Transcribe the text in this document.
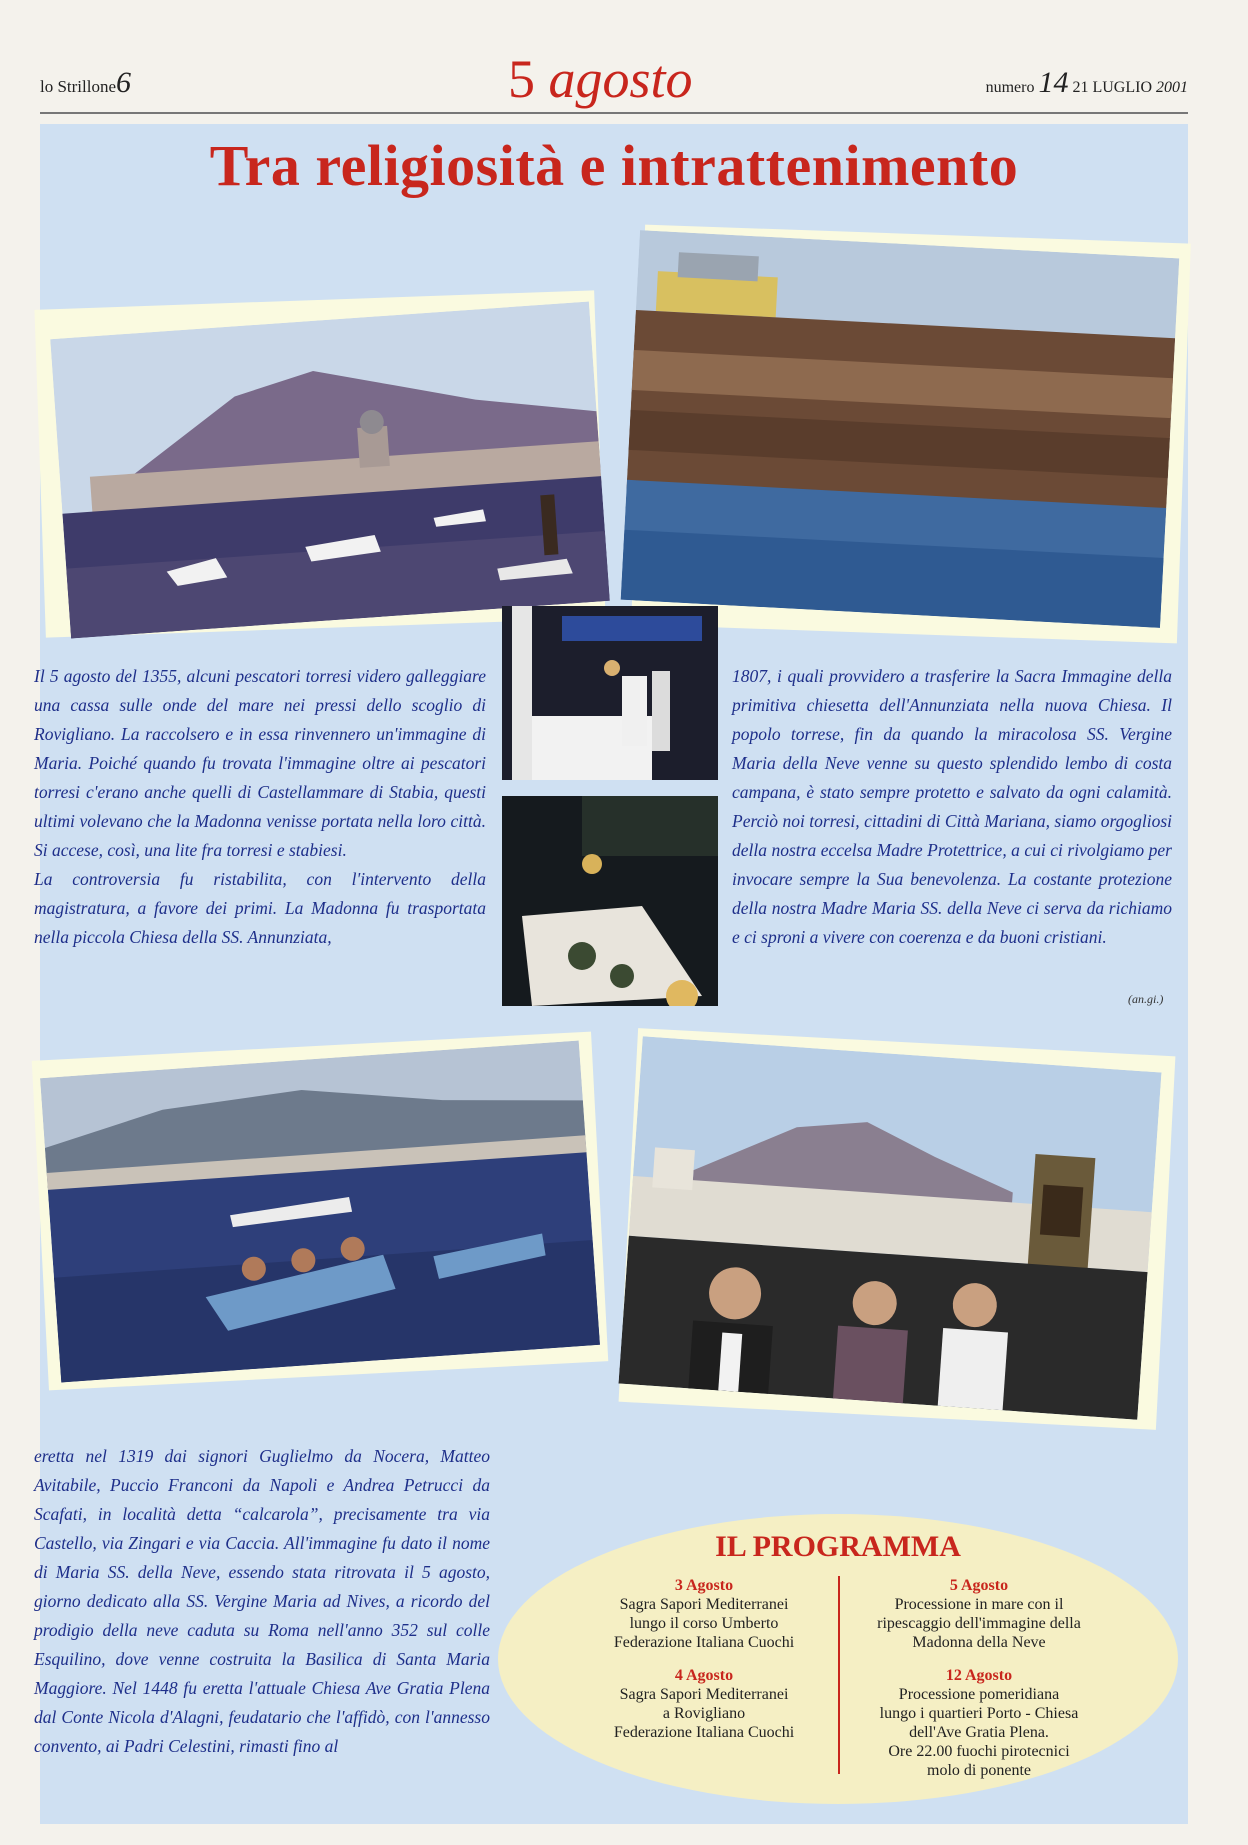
lo Strillone6	5 agosto	numero 14 21 LUGLIO 2001
Tra religiosità e intrattenimento

Il 5 agosto del 1355, alcuni pescatori torresi videro galleggiare una cassa sulle onde del mare nei pressi dello scoglio di Rovigliano. La raccolsero e in essa rinvennero un'immagine di Maria. Poiché quando fu trovata l'immagine oltre ai pescatori torresi c'erano anche quelli di Castellammare di Stabia, questi ultimi volevano che la Madonna venisse portata nella loro città. Si accese, così, una lite fra torresi e stabiesi.

La controversia fu ristabilita, con l'intervento della magistratura, a favore dei primi. La Madonna fu trasportata nella piccola Chiesa della SS. Annunziata,

1807, i quali provvidero a trasferire la Sacra Immagine della primitiva chiesetta dell'Annunziata nella nuova Chiesa. Il popolo torrese, fin da quando la miracolosa SS. Vergine Maria della Neve venne su questo splendido lembo di costa campana, è stato sempre protetto e salvato da ogni calamità. Perciò noi torresi, cittadini di Città Mariana, siamo orgogliosi della nostra eccelsa Madre Protettrice, a cui ci rivolgiamo per invocare sempre la Sua benevolenza. La costante protezione della nostra Madre Maria SS. della Neve ci serva da richiamo e ci sproni a vivere con coerenza e da buoni cristiani.

(an.gi.)

eretta nel 1319 dai signori Guglielmo da Nocera, Matteo Avitabile, Puccio Franconi da Napoli e Andrea Petrucci da Scafati, in località detta “calcarola”, precisamente tra via Castello, via Zingari e via Caccia. All'immagine fu dato il nome di Maria SS. della Neve, essendo stata ritrovata il 5 agosto, giorno dedicato alla SS. Vergine Maria ad Nives, a ricordo del prodigio della neve caduta su Roma nell'anno 352 sul colle Esquilino, dove venne costruita la Basilica di Santa Maria Maggiore. Nel 1448 fu eretta l'attuale Chiesa Ave Gratia Plena dal Conte Nicola d'Alagni, feudatario che l'affidò, con l'annesso convento, ai Padri Celestini, rimasti fino al

IL PROGRAMMA
3 Agosto
Sagra Sapori Mediterranei
lungo il corso Umberto
Federazione Italiana Cuochi
4 Agosto
Sagra Sapori Mediterranei
a Rovigliano
Federazione Italiana Cuochi
5 Agosto
Processione in mare con il
ripescaggio dell'immagine della
Madonna della Neve
12 Agosto
Processione pomeridiana
lungo i quartieri Porto - Chiesa
dell'Ave Gratia Plena.
Ore 22.00 fuochi pirotecnici
molo di ponente
